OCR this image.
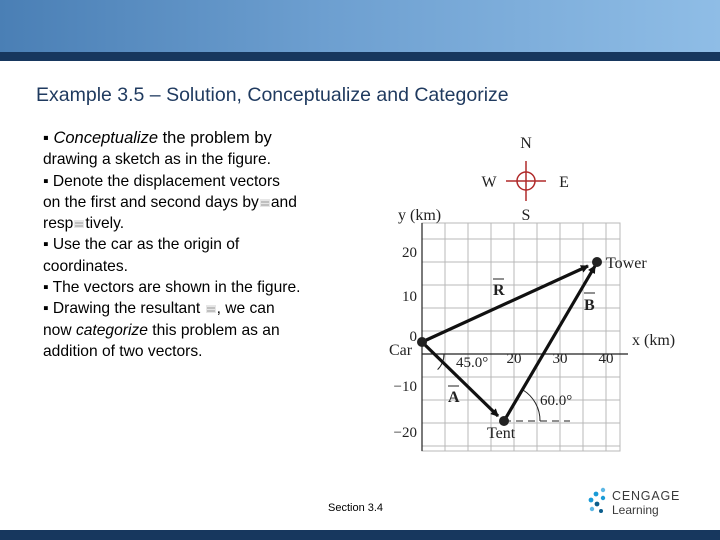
Example 3.5 – Solution, Conceptualize and Categorize

▪ Conceptualize the problem by

drawing a sketch as in the figure.

▪ Denote the displacement vectors

on the first and second days by and

resp tively.

▪ Use the car as the origin of

coordinates.

▪ The vectors are shown in the figure.

▪ Drawing the resultant , we can

now categorize this problem as an

addition of two vectors.

N
S
E
W
y (km)
x (km)
20
10
0
−10
−20
20 30 40
Car
45.0°
60.0°
Tower
Tent
R
B
A
Section 3.4
CENGAGE
Learning
